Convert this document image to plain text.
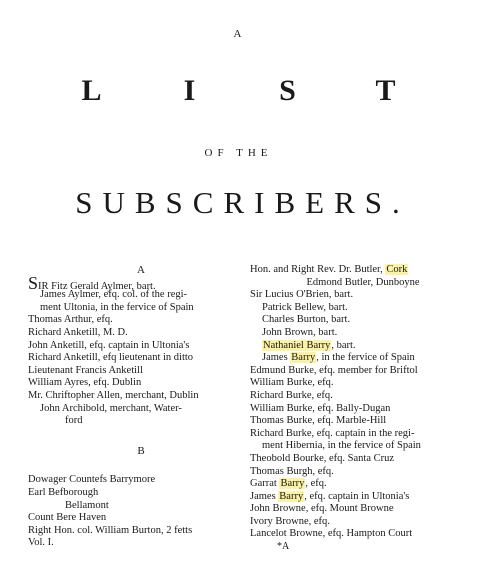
A
L	I	S	T
OF THE
SUBSCRIBERS.
A
SIR Fitz Gerald Aylmer, bart.
James Aylmer, efq. col. of the regi-
ment Ultonia, in the fervice of Spain
Thomas Arthur, efq.
Richard Anketill, M. D.
John Anketill, efq. captain in Ultonia's
Richard Anketill, efq lieutenant in ditto
Lieutenant Francis Anketill
William Ayres, efq. Dublin
Mr. Chriftopher Allen, merchant, Dublin
John Archibold, merchant, Water-
ford
B
Dowager Countefs Barrymore
Earl Befborough
Bellamont
Count Bere Haven
Right Hon. col. William Burton, 2 fetts
Vol. I.
Hon. and Right Rev. Dr. Butler, Cork
Edmond Butler, Dunboyne
Sir Lucius O'Brien, bart.
Patrick Bellew, bart.
Charles Burton, bart.
John Brown, bart.
Nathaniel Barry, bart.
James Barry, in the fervice of Spain
Edmund Burke, efq. member for Briftol
William Burke, efq.
Richard Burke, efq.
William Burke, efq. Bally-Dugan
Thomas Burke, efq. Marble-Hill
Richard Burke, efq. captain in the regi-
ment Hibernia, in the fervice of Spain
Theobold Bourke, efq. Santa Cruz
Thomas Burgh, efq.
Garrat Barry, efq.
James Barry, efq. captain in Ultonia's
John Browne, efq. Mount Browne
Ivory Browne, efq.
Lancelot Browne, efq. Hampton Court
*A
